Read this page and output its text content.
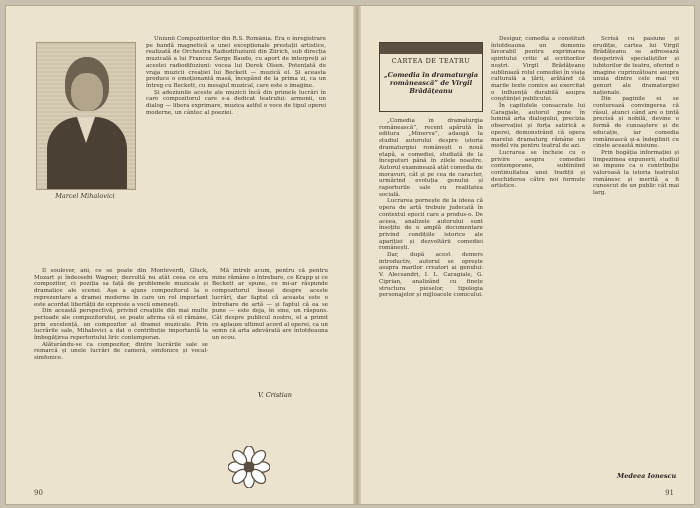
Marcel Mihalovici

Uniunii Compozitorilor din R.S. România. Era o înregistrare pe bandă magnetică a unei excepționale prestații artistice, realizată de Orchestra Radiodifuziunii din Zürich, sub direcția muzicală a lui Francez Serge Baudo, cu aport de interpreți ai acestei radiodifuziuni: vocea lui Derek Olsen. Potențată de vraja muzicii creației lui Beckett — muzică el. Și aceasta produce o emoționantă masă, începând de la prima zi, ca un întreg cu Beckett, cu mesajul muzical, care este o imagine.

Și adeziunile aceste ale muzicii încă din primele lucrări în care compozitorul care s-a dedicat teatrului: armonii, un dialog — libera exprimare, muzica astfel o voce de tipul operei moderne, un cântec al poeziei.

Il soulever, ani, ce se poate din Monteverdi, Gluck, Mozart și îndeosebi Wagner, dezvoltă nu atât ceea ce era compozitor, ci poziția sa față de problemele muzicale și dramatice ale scenei. Așa a ajuns compozitorul la o reprezentare a dramei moderne în care un rol important este acordat libertății de expresie a vocii omenești.

Din această perspectivă, privind creațiile din mai multe perioade ale compozitorului, se poate afirma că el rămâne, prin excelență, un compozitor al dramei muzicale. Prin lucrările sale, Mihalovici a dat o contribuție importantă la îmbogățirea repertoriului liric contemporan.

Alăturându-se ca compozitor, dintre lucrările sale se remarcă și unele lucrări de cameră, simfonice și vocal-simfonice.

Mă întreb acum, pentru că pentru mine rămâne o întrebare, ce Krapp și ce Beckett ar spune, ce mi-ar răspunde compozitorul însuși despre aceste lucrări, dar faptul că aceasta este o întrebare de artă — și faptul că ea se pune — este deja, în sine, un răspuns. Cât despre publicul nostru, el a primit cu aplauze ultimul acord al operei, ca un semn că arta adevărată are întotdeauna un ecou.

V. Cristian
90
CARTEA DE TEATRU
„Comedia în dramaturgia românească” de Virgil Brădățeanu

„Comedia în dramaturgia românească”, recent apărută în editura „Minerva”, adaugă la studiul autorului despre istoria dramaturgiei românești o nouă etapă, a comediei, studiată de la începuturi până în zilele noastre. Autorul examinează atât comedia de moravuri, cât și pe cea de caracter, urmărind evoluția genului și raporturile sale cu realitatea socială.

Lucrarea pornește de la ideea că opera de artă trebuie judecată în contextul epocii care a produs-o. De aceea, analizele autorului sunt însoțite de o amplă documentare privind condițiile istorice ale apariției și dezvoltării comediei românești.

Dar, după acest demers introductiv, autorul se oprește asupra marilor creatori ai genului: V. Alecsandri, I. L. Caragiale, G. Ciprian, analizând cu finețe structura pieselor, tipologia personajelor și mijloacele comicului.

Desigur, comedia a constituit întotdeauna un domeniu favorabil pentru exprimarea spiritului critic al scriitorilor noștri. Virgil Brădățeanu subliniază rolul comediei în viața culturală a țării, arătând că marile texte comice au exercitat o influență durabilă asupra conștiinței publicului.

În capitolele consacrate lui Caragiale, autorul pune în lumină arta dialogului, precizia observației și forța satirică a operei, demonstrând că opera marelui dramaturg rămâne un model viu pentru teatrul de azi.

Lucrarea se încheie cu o privire asupra comediei contemporane, subliniind continuitatea unei tradiții și deschiderea către noi formule artistice.

Scrisă cu pasiune și erudiție, cartea lui Virgil Brădățeanu se adresează deopotrivă specialiștilor și iubitorilor de teatru, oferind o imagine cuprinzătoare asupra unuia dintre cele mai vii genuri ale dramaturgiei naționale.

Din paginile ei se conturează convingerea că râsul, atunci când are o țintă precisă și nobilă, devine o formă de cunoaștere și de educație, iar comedia românească și-a îndeplinit cu cinste această misiune.

Prin bogăția informației și limpezimea expunerii, studiul se impune ca o contribuție valoroasă la istoria teatrului românesc și merită a fi cunoscut de un public cât mai larg.

Medeea Ionescu
91
